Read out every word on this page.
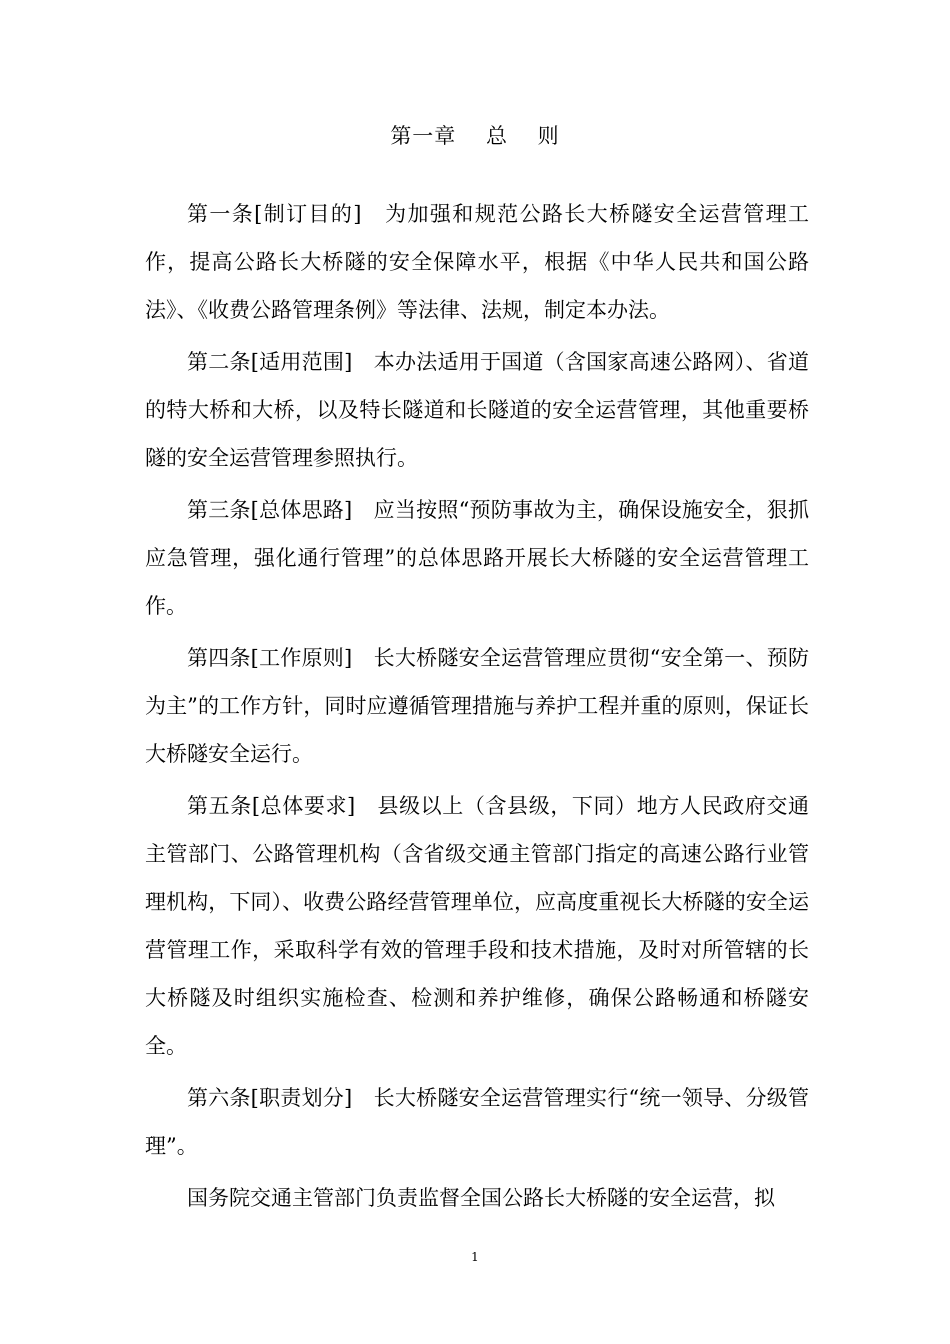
第一章　 总　 则

第一条[制订目的]　为加强和规范公路长大桥隧安全运营管理工作，提高公路长大桥隧的安全保障水平，根据《中华人民共和国公路法》、《收费公路管理条例》等法律、法规，制定本办法。

第二条[适用范围]　本办法适用于国道（含国家高速公路网）、省道的特大桥和大桥，以及特长隧道和长隧道的安全运营管理，其他重要桥隧的安全运营管理参照执行。

第三条[总体思路]　应当按照“预防事故为主，确保设施安全，狠抓应急管理，强化通行管理”的总体思路开展长大桥隧的安全运营管理工作。

第四条[工作原则]　长大桥隧安全运营管理应贯彻“安全第一、预防为主”的工作方针，同时应遵循管理措施与养护工程并重的原则，保证长大桥隧安全运行。

第五条[总体要求]　县级以上（含县级，下同）地方人民政府交通主管部门、公路管理机构（含省级交通主管部门指定的高速公路行业管理机构，下同）、收费公路经营管理单位，应高度重视长大桥隧的安全运营管理工作，采取科学有效的管理手段和技术措施，及时对所管辖的长大桥隧及时组织实施检查、检测和养护维修，确保公路畅通和桥隧安全。

第六条[职责划分]　长大桥隧安全运营管理实行“统一领导、分级管理”。

国务院交通主管部门负责监督全国公路长大桥隧的安全运营，拟

1
